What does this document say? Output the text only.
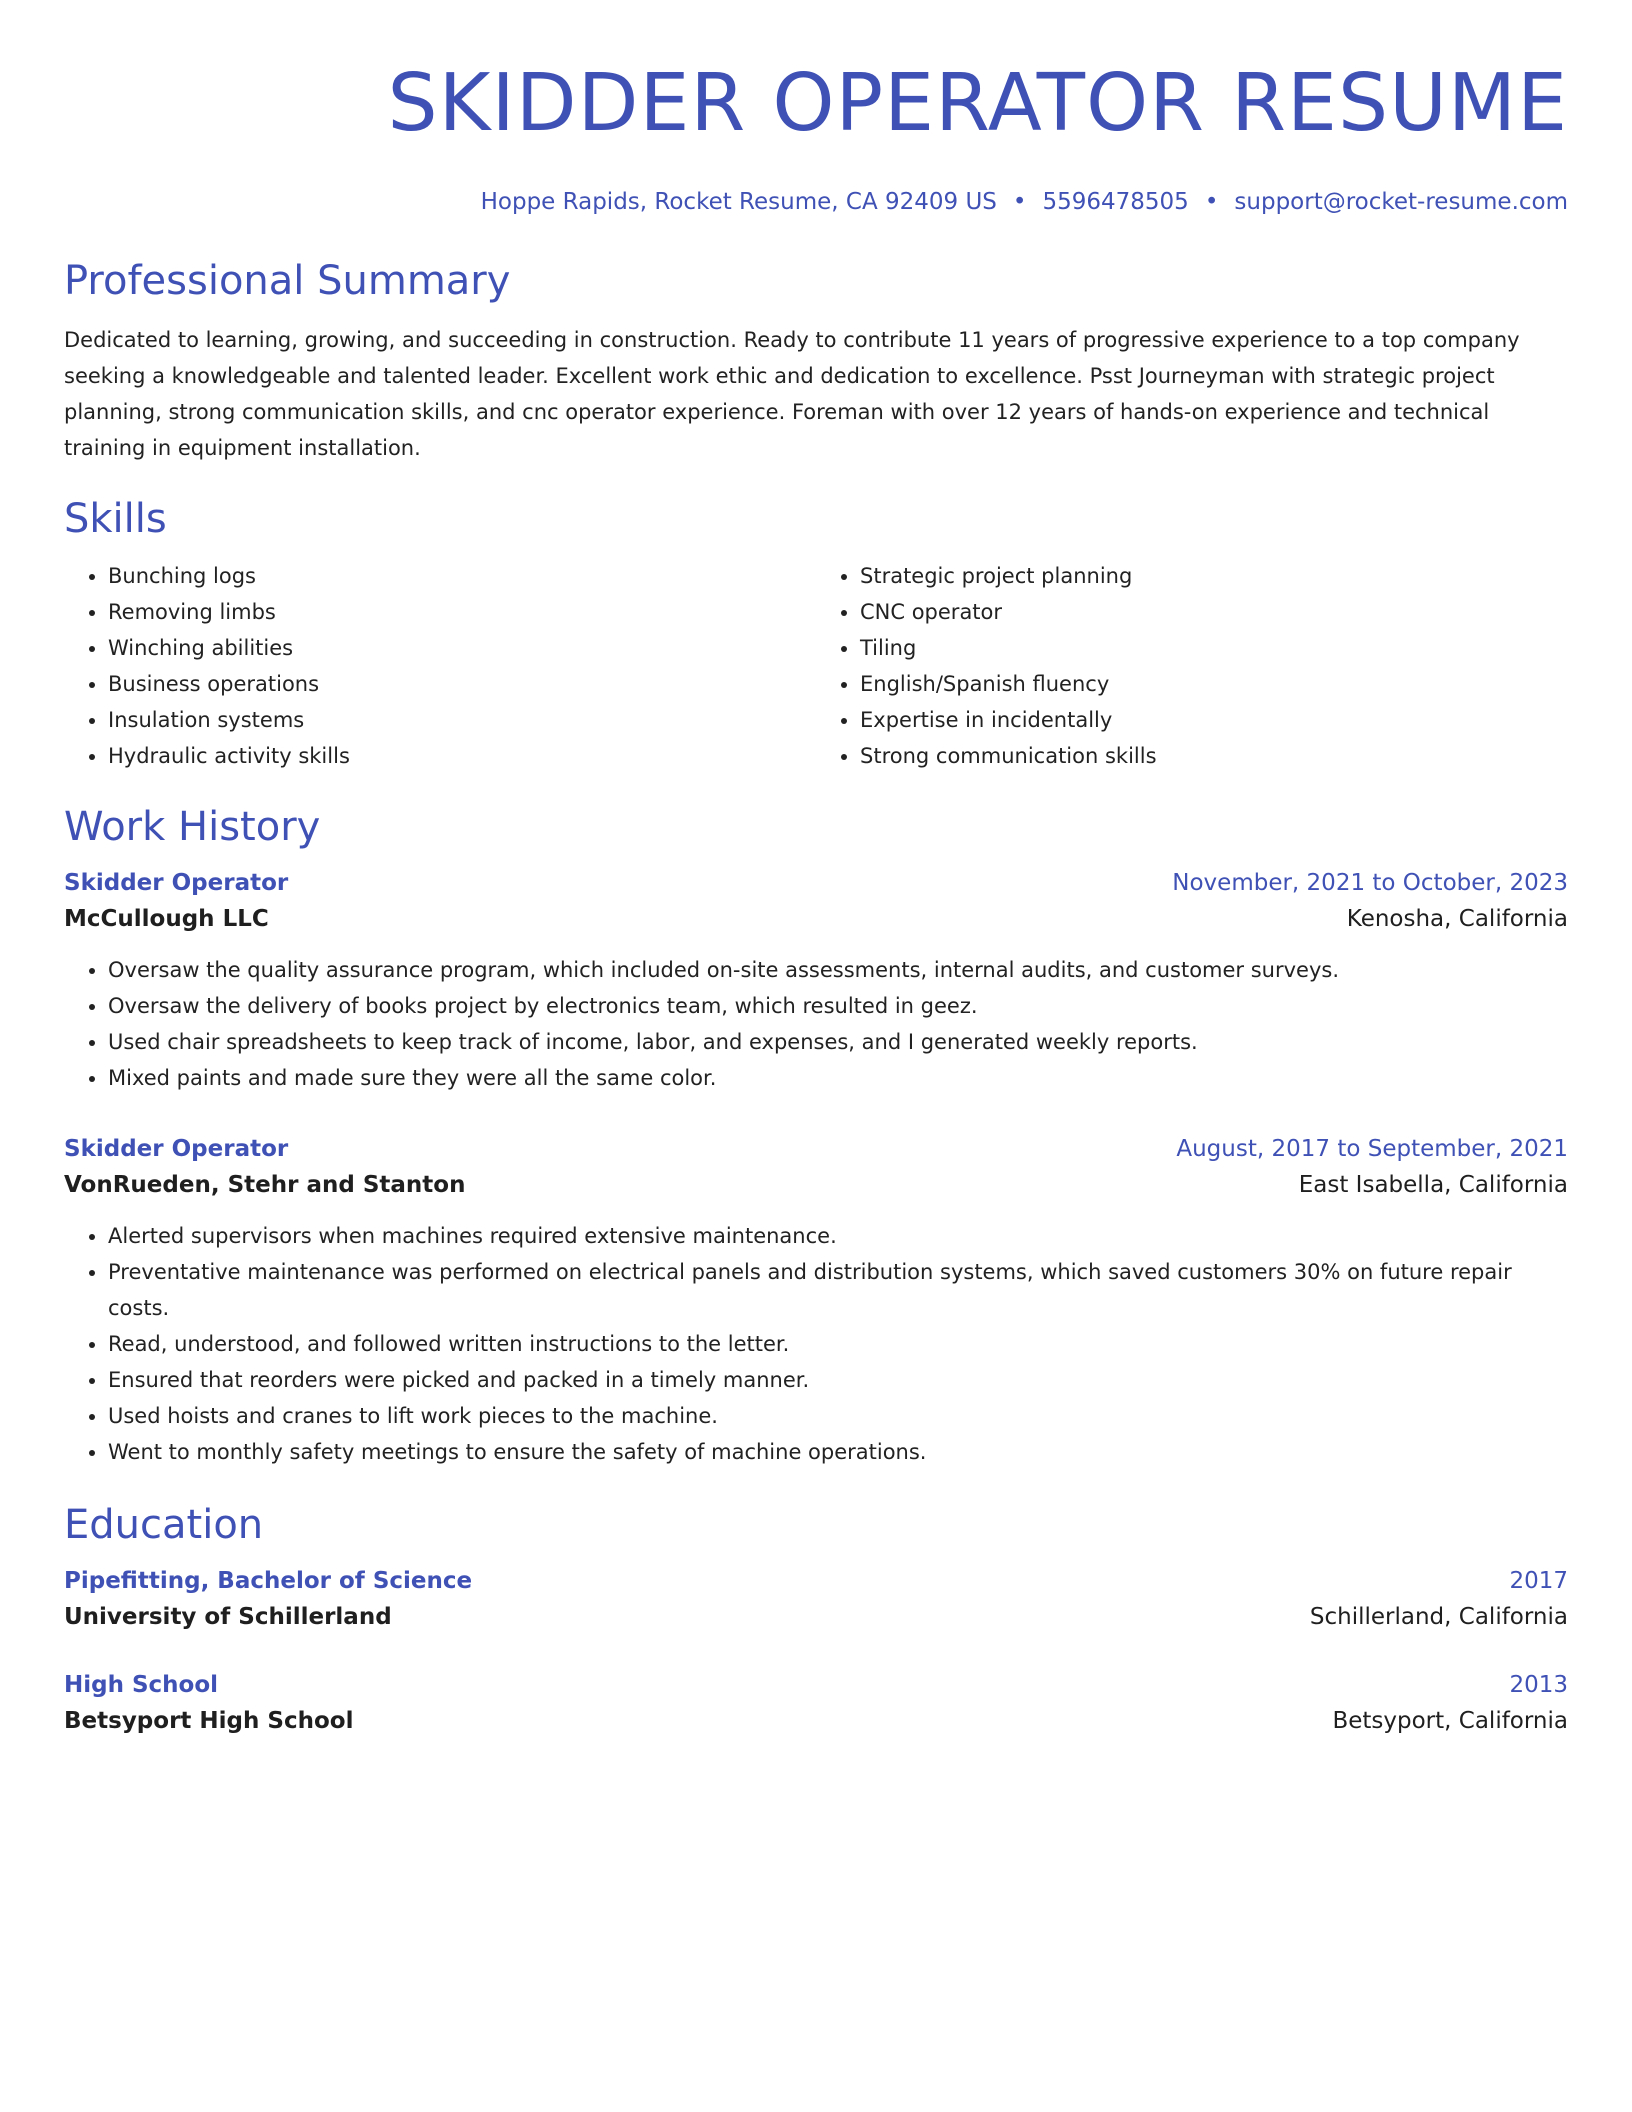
SKIDDER OPERATOR RESUME
Hoppe Rapids, Rocket Resume, CA 92409 US • 5596478505 • support@rocket-resume.com
Professional Summary

Dedicated to learning, growing, and succeeding in construction. Ready to contribute 11 years of progressive experience to a top company seeking a knowledgeable and talented leader. Excellent work ethic and dedication to excellence. Psst Journeyman with strategic project planning, strong communication skills, and cnc operator experience. Foreman with over 12 years of hands-on experience and technical training in equipment installation.

Skills
• Bunching logs
• Removing limbs
• Winching abilities
• Business operations
• Insulation systems
• Hydraulic activity skills
• Strategic project planning
• CNC operator
• Tiling
• English/Spanish fluency
• Expertise in incidentally
• Strong communication skills
Work History
Skidder Operator	November, 2021 to October, 2023
McCullough LLC	Kenosha, California
• Oversaw the quality assurance program, which included on-site assessments, internal audits, and customer surveys.
• Oversaw the delivery of books project by electronics team, which resulted in geez.
• Used chair spreadsheets to keep track of income, labor, and expenses, and I generated weekly reports.
• Mixed paints and made sure they were all the same color.
Skidder Operator	August, 2017 to September, 2021
VonRueden, Stehr and Stanton	East Isabella, California
• Alerted supervisors when machines required extensive maintenance.
• Preventative maintenance was performed on electrical panels and distribution systems, which saved customers 30% on future repair costs.
• Read, understood, and followed written instructions to the letter.
• Ensured that reorders were picked and packed in a timely manner.
• Used hoists and cranes to lift work pieces to the machine.
• Went to monthly safety meetings to ensure the safety of machine operations.
Education
Pipefitting, Bachelor of Science	2017
University of Schillerland	Schillerland, California
High School	2013
Betsyport High School	Betsyport, California
